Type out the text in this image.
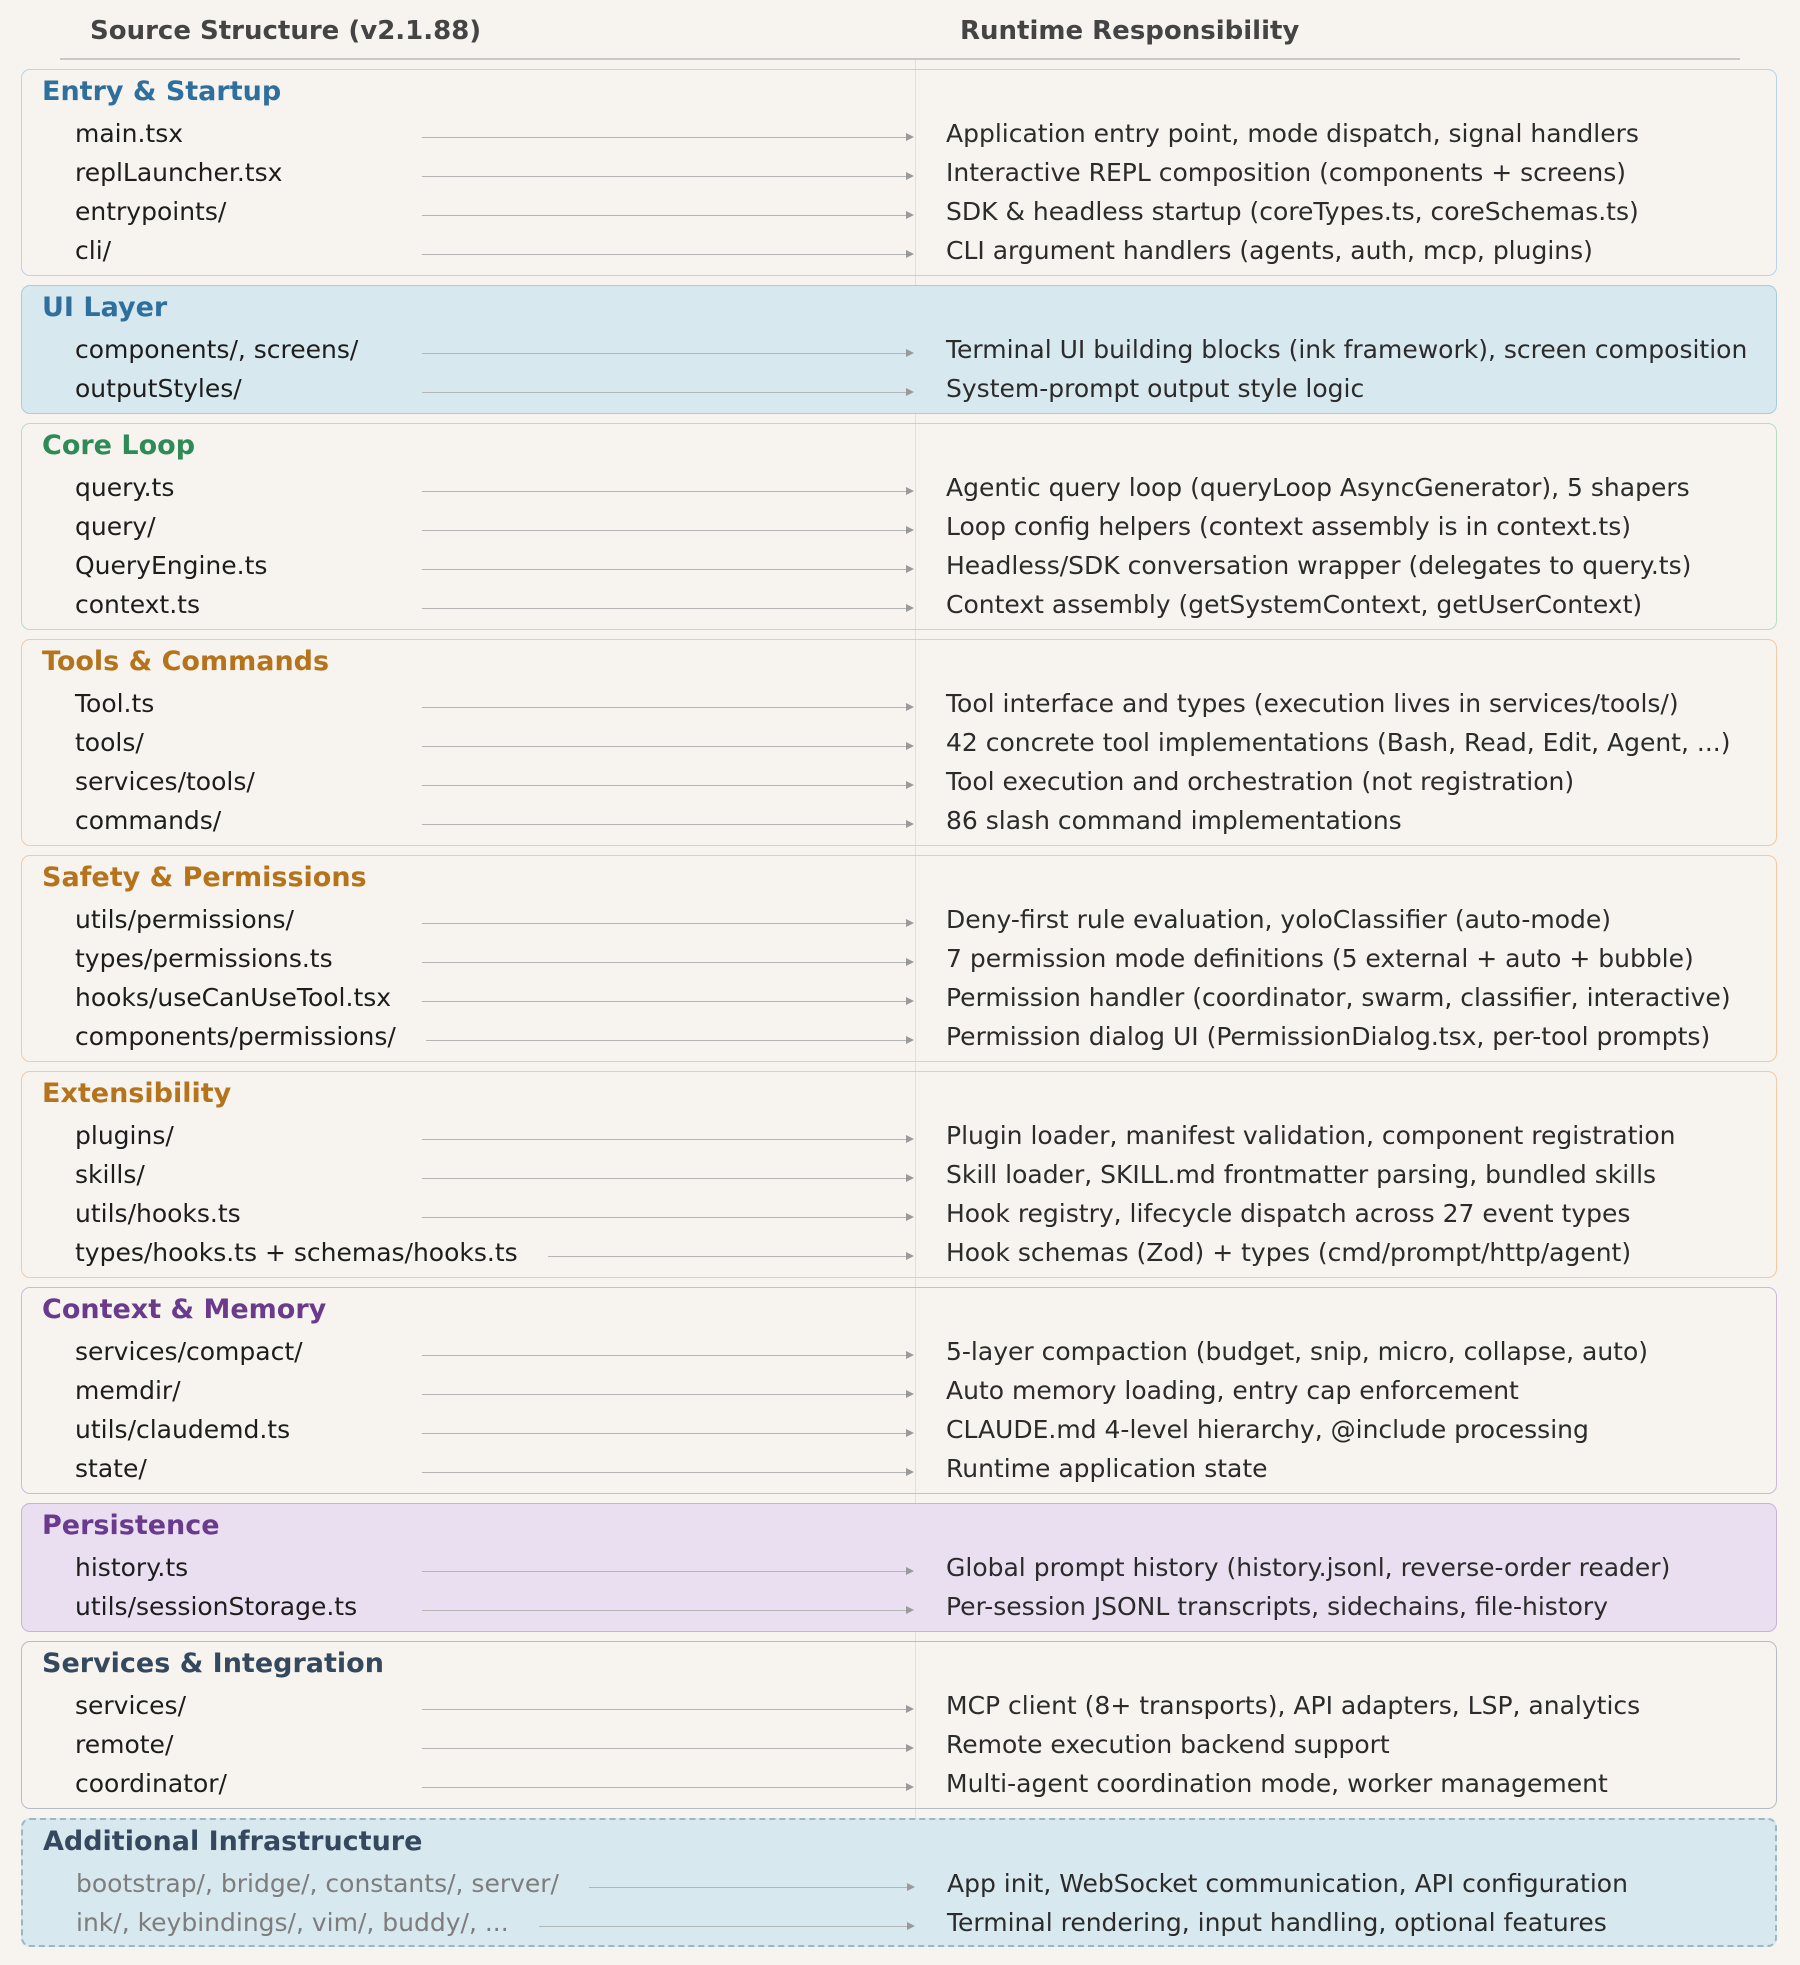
Source Structure (v2.1.88)	Runtime Responsibility
Entry & Startup
main.tsx	Application entry point, mode dispatch, signal handlers
replLauncher.tsx	Interactive REPL composition (components + screens)
entrypoints/	SDK & headless startup (coreTypes.ts, coreSchemas.ts)
cli/	CLI argument handlers (agents, auth, mcp, plugins)
UI Layer
components/, screens/	Terminal UI building blocks (ink framework), screen composition
outputStyles/	System-prompt output style logic
Core Loop
query.ts	Agentic query loop (queryLoop AsyncGenerator), 5 shapers
query/	Loop config helpers (context assembly is in context.ts)
QueryEngine.ts	Headless/SDK conversation wrapper (delegates to query.ts)
context.ts	Context assembly (getSystemContext, getUserContext)
Tools & Commands
Tool.ts	Tool interface and types (execution lives in services/tools/)
tools/	42 concrete tool implementations (Bash, Read, Edit, Agent, ...)
services/tools/	Tool execution and orchestration (not registration)
commands/	86 slash command implementations
Safety & Permissions
utils/permissions/	Deny-first rule evaluation, yoloClassifier (auto-mode)
types/permissions.ts	7 permission mode definitions (5 external + auto + bubble)
hooks/useCanUseTool.tsx	Permission handler (coordinator, swarm, classifier, interactive)
components/permissions/	Permission dialog UI (PermissionDialog.tsx, per-tool prompts)
Extensibility
plugins/	Plugin loader, manifest validation, component registration
skills/	Skill loader, SKILL.md frontmatter parsing, bundled skills
utils/hooks.ts	Hook registry, lifecycle dispatch across 27 event types
types/hooks.ts + schemas/hooks.ts	Hook schemas (Zod) + types (cmd/prompt/http/agent)
Context & Memory
services/compact/	5-layer compaction (budget, snip, micro, collapse, auto)
memdir/	Auto memory loading, entry cap enforcement
utils/claudemd.ts	CLAUDE.md 4-level hierarchy, @include processing
state/	Runtime application state
Persistence
history.ts	Global prompt history (history.jsonl, reverse-order reader)
utils/sessionStorage.ts	Per-session JSONL transcripts, sidechains, file-history
Services & Integration
services/	MCP client (8+ transports), API adapters, LSP, analytics
remote/	Remote execution backend support
coordinator/	Multi-agent coordination mode, worker management
Additional Infrastructure
bootstrap/, bridge/, constants/, server/	App init, WebSocket communication, API configuration
ink/, keybindings/, vim/, buddy/, ...	Terminal rendering, input handling, optional features
